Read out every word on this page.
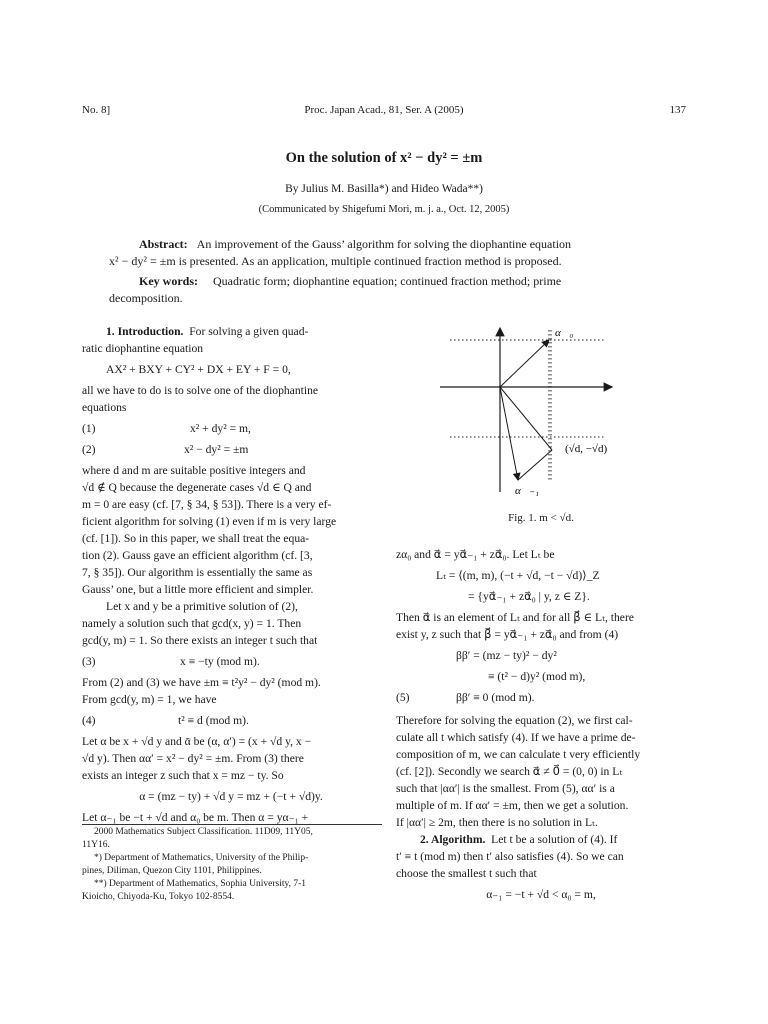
No. 8]	Proc. Japan Acad., 81, Ser. A (2005)	137
On the solution of x² − dy² = ±m
By Julius M. Basilla*) and Hideo Wada**)
(Communicated by Shigefumi Mori, m. j. a., Oct. 12, 2005)
Abstract: An improvement of the Gauss’ algorithm for solving the diophantine equation
x² − dy² = ±m is presented. As an application, multiple continued fraction method is proposed.
Key words: Quadratic form; diophantine equation; continued fraction method; prime
decomposition.
1. Introduction. For solving a given quad-
ratic diophantine equation
AX² + BXY + CY² + DX + EY + F = 0,
all we have to do is to solve one of the diophantine
equations
(1)	x² + dy² = m,
(2)	x² − dy² = ±m
where d and m are suitable positive integers and
√d ∉ Q because the degenerate cases √d ∈ Q and
m = 0 are easy (cf. [7, § 34, § 53]). There is a very ef-
ficient algorithm for solving (1) even if m is very large
(cf. [1]). So in this paper, we shall treat the equa-
tion (2). Gauss gave an efficient algorithm (cf. [3,
7, § 35]). Our algorithm is essentially the same as
Gauss’ one, but a little more efficient and simpler.
Let x and y be a primitive solution of (2),
namely a solution such that gcd(x, y) = 1. Then
gcd(y, m) = 1. So there exists an integer t such that
(3)	x ≡ −ty (mod m).
From (2) and (3) we have ±m ≡ t²y² − dy² (mod m).
From gcd(y, m) = 1, we have
(4)	t² ≡ d (mod m).
Let α be x + √d y and ᾱ be (α, α′) = (x + √d y, x −
√d y). Then αα′ = x² − dy² = ±m. From (3) there
exists an integer z such that x = mz − ty. So
α = (mz − ty) + √d y = mz + (−t + √d)y.
Let α₋₁ be −t + √d and α₀ be m. Then α = yα₋₁ +
2000 Mathematics Subject Classification. 11D09, 11Y05,
11Y16.
*) Department of Mathematics, University of the Philip-
pines, Diliman, Quezon City 1101, Philippines.
**) Department of Mathematics, Sophia University, 7-1
Kioicho, Chiyoda-Ku, Tokyo 102-8554.
α⃗₀
(√d, −√d)
α⃗₋₁
Fig. 1. m < √d.
zα₀ and α⃗ = yα⃗₋₁ + zα⃗₀. Let Lₜ be
Lₜ = ⟨(m, m), (−t + √d, −t − √d)⟩_Z
= {yα⃗₋₁ + zα⃗₀ | y, z ∈ Z}.
Then α⃗ is an element of Lₜ and for all β⃗ ∈ Lₜ, there
exist y, z such that β⃗ = yα⃗₋₁ + zα⃗₀ and from (4)
ββ′ = (mz − ty)² − dy²
≡ (t² − d)y² (mod m),
(5)	ββ′ ≡ 0 (mod m).
Therefore for solving the equation (2), we first cal-
culate all t which satisfy (4). If we have a prime de-
composition of m, we can calculate t very efficiently
(cf. [2]). Secondly we search α⃗ ≠ 0⃗ = (0, 0) in Lₜ
such that |αα′| is the smallest. From (5), αα′ is a
multiple of m. If αα′ = ±m, then we get a solution.
If |αα′| ≥ 2m, then there is no solution in Lₜ.
2. Algorithm. Let t be a solution of (4). If
t′ ≡ t (mod m) then t′ also satisfies (4). So we can
choose the smallest t such that
α₋₁ = −t + √d < α₀ = m,
